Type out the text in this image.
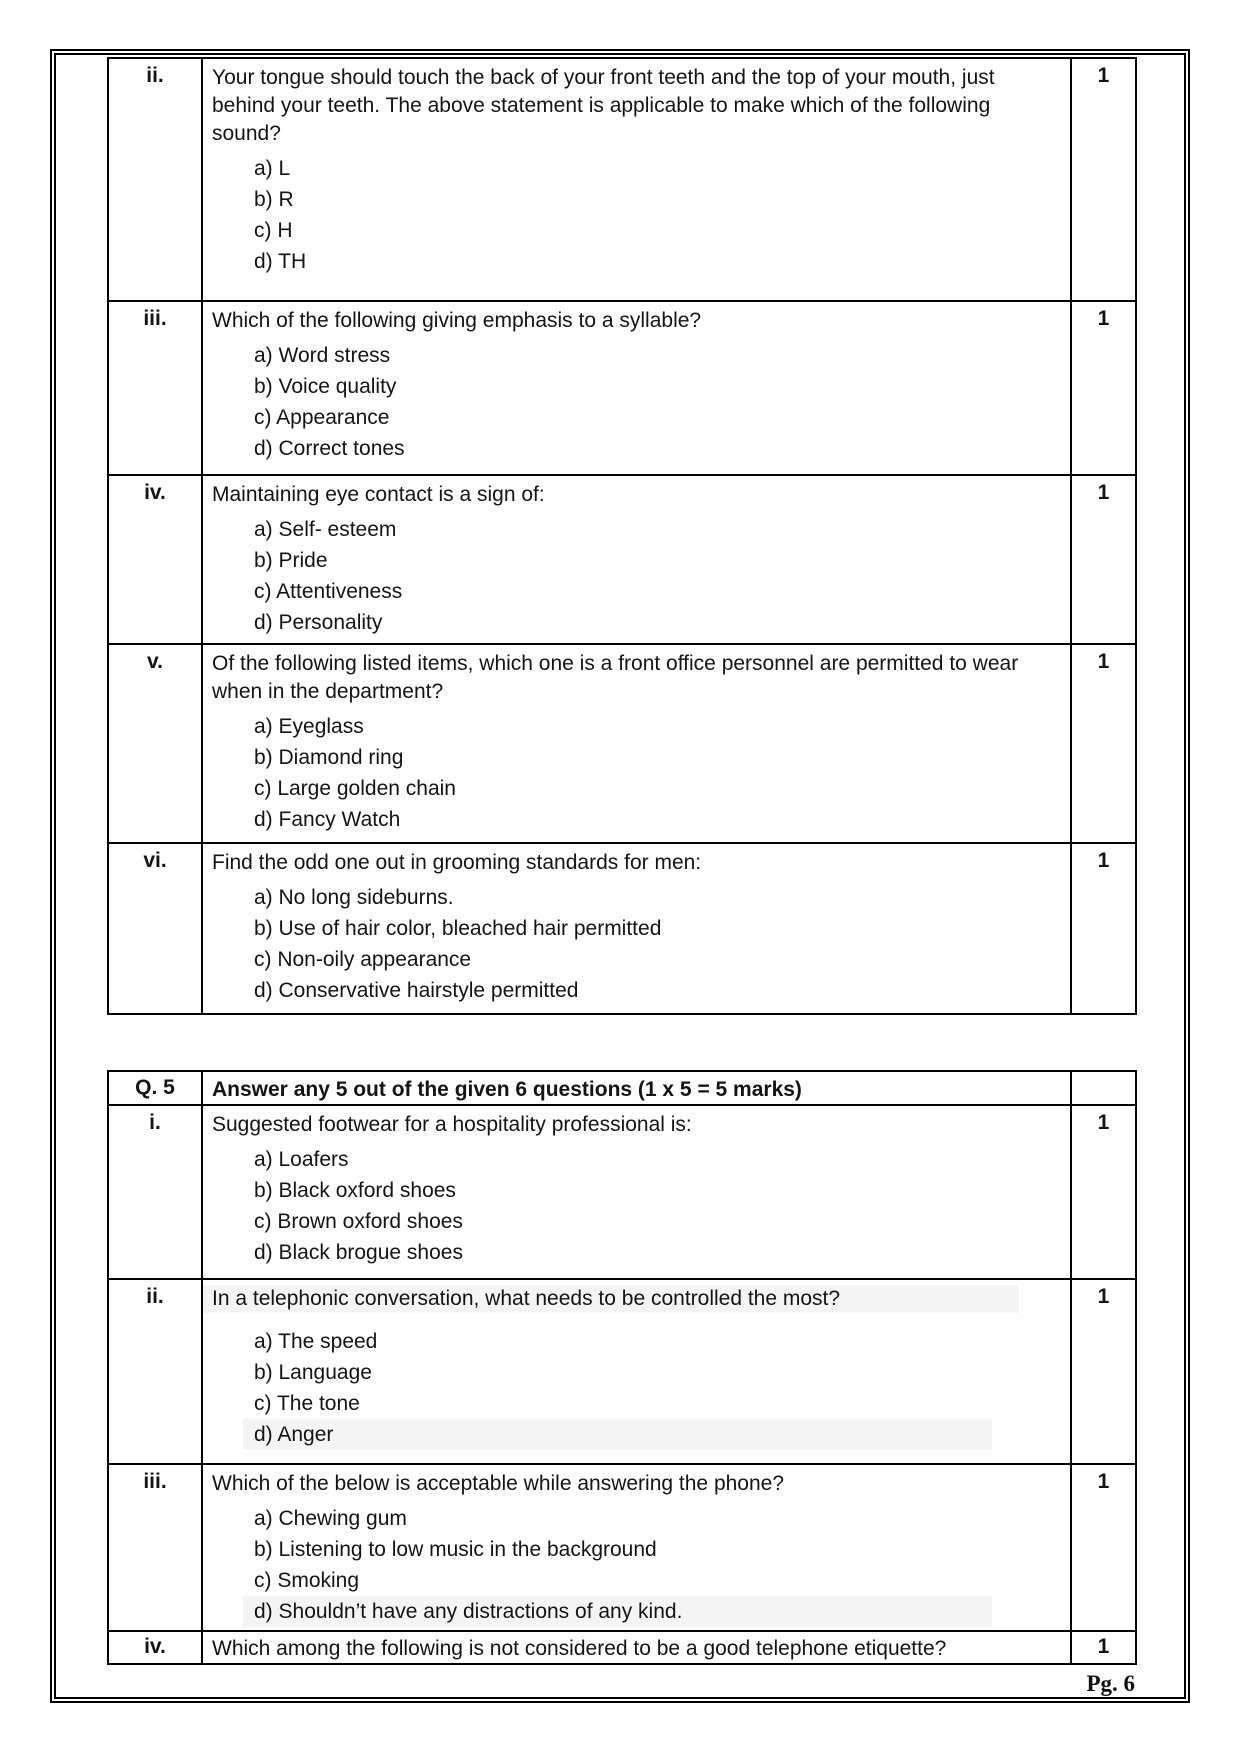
ii.	Your tongue should touch the back of your front teeth and the top of your mouth, just behind your teeth. The above statement is applicable to make which of the following sound?
a) L
b) R
c) H
d) TH	1
iii.	Which of the following giving emphasis to a syllable?
a) Word stress
b) Voice quality
c) Appearance
d) Correct tones	1
iv.	Maintaining eye contact is a sign of:
a) Self- esteem
b) Pride
c) Attentiveness
d) Personality	1
v.	Of the following listed items, which one is a front office personnel are permitted to wear when in the department?
a) Eyeglass
b) Diamond ring
c) Large golden chain
d) Fancy Watch	1
vi.	Find the odd one out in grooming standards for men:
a) No long sideburns.
b) Use of hair color, bleached hair permitted
c) Non-oily appearance
d) Conservative hairstyle permitted	1
Q. 5	Answer any 5 out of the given 6 questions (1 x 5 = 5 marks)	

i.	Suggested footwear for a hospitality professional is:
a) Loafers
b) Black oxford shoes
c) Brown oxford shoes
d) Black brogue shoes	1
ii.	In a telephonic conversation, what needs to be controlled the most?
a) The speed
b) Language
c) The tone
d) Anger	1
iii.	Which of the below is acceptable while answering the phone?
a) Chewing gum
b) Listening to low music in the background
c) Smoking
d) Shouldn’t have any distractions of any kind.	1
iv.	Which among the following is not considered to be a good telephone etiquette?	1
Pg. 6
